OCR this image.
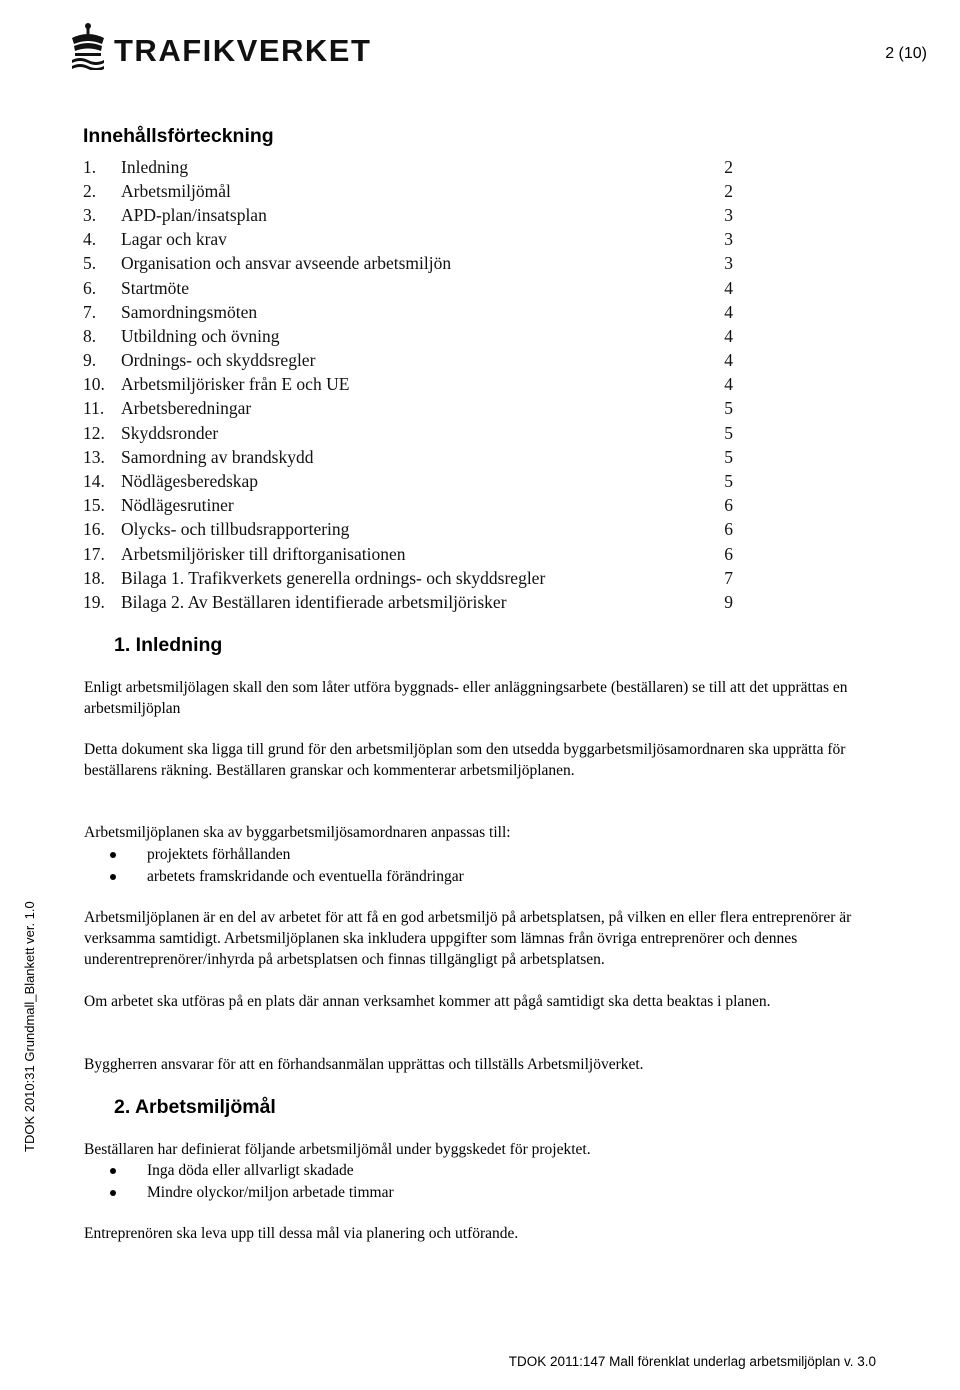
TRAFIKVERKET	2 (10)
Innehållsförteckning
1.	Inledning	2
2.	Arbetsmiljömål	2
3.	APD-plan/insatsplan	3
4.	Lagar och krav	3
5.	Organisation och ansvar avseende arbetsmiljön	3
6.	Startmöte	4
7.	Samordningsmöten	4
8.	Utbildning och övning	4
9.	Ordnings- och skyddsregler	4
10. Arbetsmiljörisker från E och UE	4
11. Arbetsberedningar	5
12. Skyddsronder	5
13. Samordning av brandskydd	5
14. Nödlägesberedskap	5
15. Nödlägesrutiner	6
16. Olycks- och tillbudsrapportering	6
17. Arbetsmiljörisker till driftorganisationen	6
18. Bilaga 1. Trafikverkets generella ordnings- och skyddsregler	7
19. Bilaga 2. Av Beställaren identifierade arbetsmiljörisker	9
1. Inledning

Enligt arbetsmiljölagen skall den som låter utföra byggnads- eller anläggningsarbete (beställaren) se till att det upprättas en arbetsmiljöplan

Detta dokument ska ligga till grund för den arbetsmiljöplan som den utsedda byggarbetsmiljösamordnaren ska upprätta för beställarens räkning. Beställaren granskar och kommenterar arbetsmiljöplanen.

Arbetsmiljöplanen ska av byggarbetsmiljösamordnaren anpassas till:

projektets förhållanden
arbetets framskridande och eventuella förändringar

Arbetsmiljöplanen är en del av arbetet för att få en god arbetsmiljö på arbetsplatsen, på vilken en eller flera entreprenörer är verksamma samtidigt. Arbetsmiljöplanen ska inkludera uppgifter som lämnas från övriga entreprenörer och dennes underentreprenörer/inhyrda på arbetsplatsen och finnas tillgängligt på arbetsplatsen.

Om arbetet ska utföras på en plats där annan verksamhet kommer att pågå samtidigt ska detta beaktas i planen.

Byggherren ansvarar för att en förhandsanmälan upprättas och tillställs Arbetsmiljöverket.

2. Arbetsmiljömål

Beställaren har definierat följande arbetsmiljömål under byggskedet för projektet.

Inga döda eller allvarligt skadade
Mindre olyckor/miljon arbetade timmar

Entreprenören ska leva upp till dessa mål via planering och utförande.

TDOK 2010:31 Grundmall_Blankett ver. 1.0
TDOK 2011:147 Mall förenklat underlag arbetsmiljöplan v. 3.0
